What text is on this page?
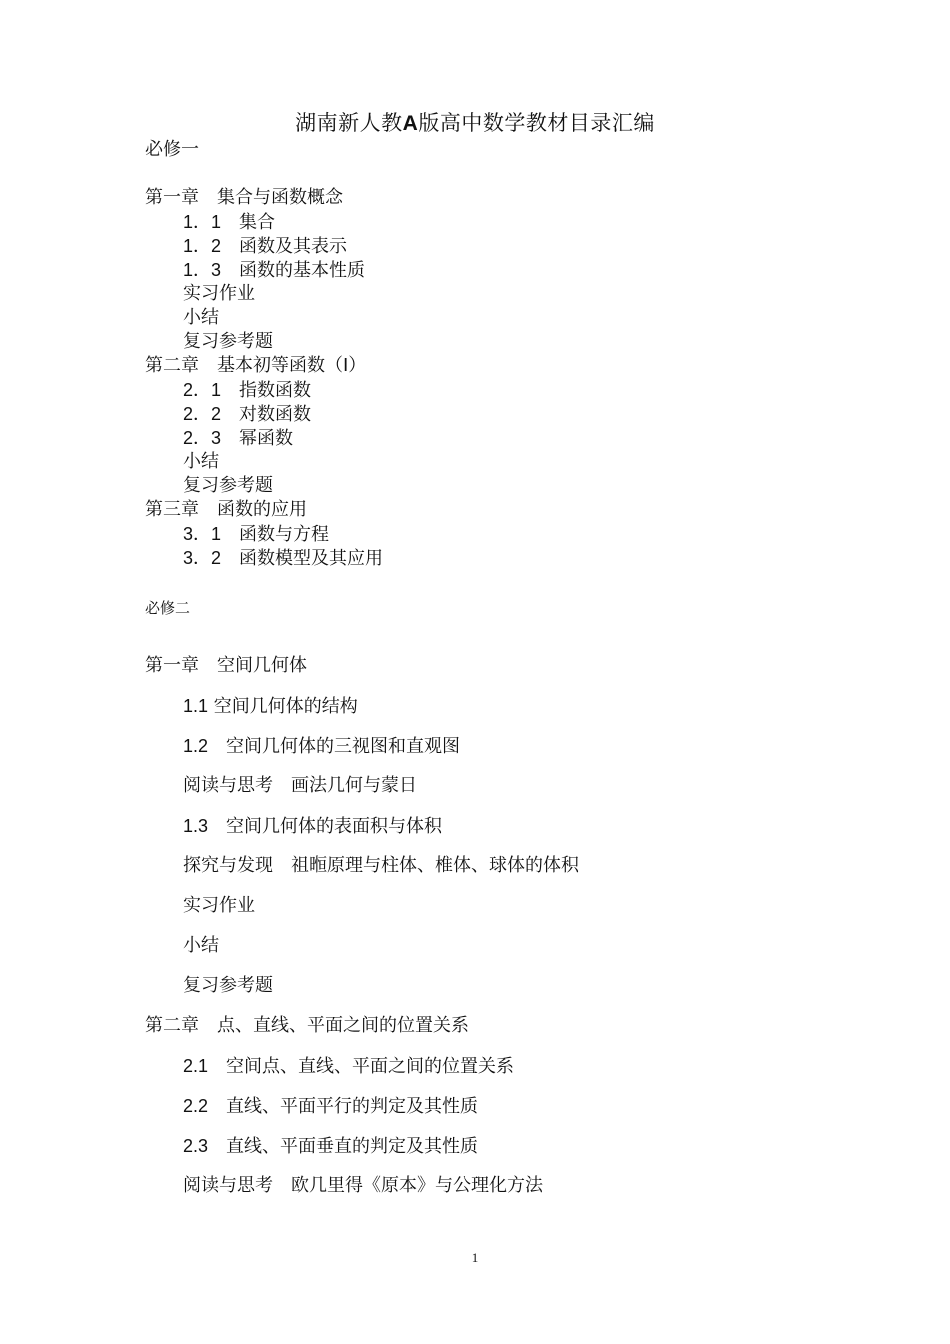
湖南新人教A版高中数学教材目录汇编
必修一
第一章　集合与函数概念
1．1　集合
1．2　函数及其表示
1．3　函数的基本性质
实习作业
小结
复习参考题
第二章　基本初等函数（Ⅰ）
2．1　指数函数
2．2　对数函数
2．3　幂函数
小结
复习参考题
第三章　函数的应用
3．1　函数与方程
3．2　函数模型及其应用
必修二
第一章　空间几何体
1.1 空间几何体的结构
1.2　空间几何体的三视图和直观图
阅读与思考　画法几何与蒙日
1.3　空间几何体的表面积与体积
探究与发现　祖暅原理与柱体、椎体、球体的体积
实习作业
小结
复习参考题
第二章　点、直线、平面之间的位置关系
2.1　空间点、直线、平面之间的位置关系
2.2　直线、平面平行的判定及其性质
2.3　直线、平面垂直的判定及其性质
阅读与思考　欧几里得《原本》与公理化方法
1
